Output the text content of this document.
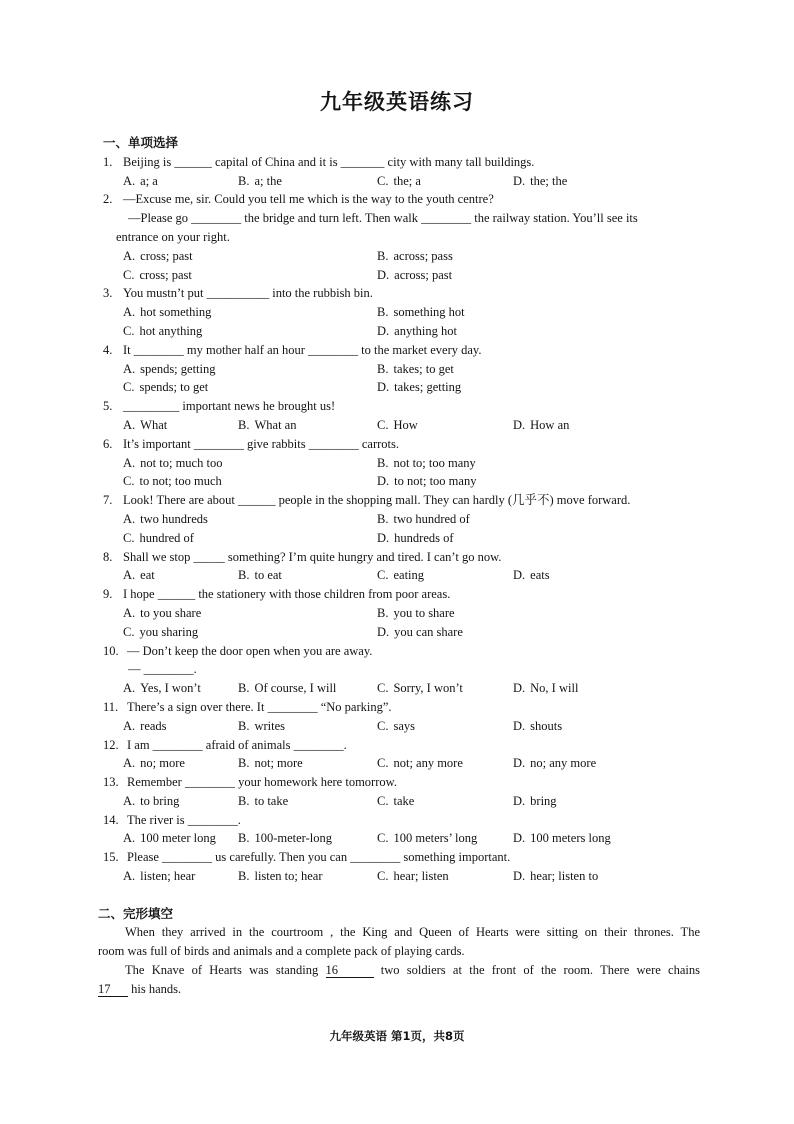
九年级英语练习
一、单项选择
1. Beijing is ______ capital of China and it is _______ city with many tall buildings.
A. a; a	B. a; the	C. the; a	D. the; the
2. —Excuse me, sir. Could you tell me which is the way to the youth centre?
—Please go ________ the bridge and turn left. Then walk ________ the railway station. You’ll see its
entrance on your right.
A. cross; past	B. across; pass
C. cross; past	D. across; past
3. You mustn’t put __________ into the rubbish bin.
A. hot something	B. something hot
C. hot anything	D. anything hot
4. It ________ my mother half an hour ________ to the market every day.
A. spends; getting	B. takes; to get
C. spends; to get	D. takes; getting
5. _________ important news he brought us!
A. What	B. What an	C. How	D. How an
6. It’s important ________ give rabbits ________ carrots.
A. not to; much too	B. not to; too many
C. to not; too much	D. to not; too many
7. Look! There are about ______ people in the shopping mall. They can hardly (几乎不) move forward.
A. two hundreds	B. two hundred of
C. hundred of	D. hundreds of
8. Shall we stop _____ something? I’m quite hungry and tired. I can’t go now.
A. eat	B. to eat	C. eating	D. eats
9. I hope ______ the stationery with those children from poor areas.
A. to you share	B. you to share
C. you sharing	D. you can share
10. — Don’t keep the door open when you are away.
— ________.
A. Yes, I won’t	B. Of course, I will	C. Sorry, I won’t	D. No, I will
11. There’s a sign over there. It ________ “No parking”.
A. reads	B. writes	C. says	D. shouts
12. I am ________ afraid of animals ________.
A. no; more	B. not; more	C. not; any more	D. no; any more
13. Remember ________ your homework here tomorrow.
A. to bring	B. to take	C. take	D. bring
14. The river is ________.
A. 100 meter long B. 100-meter-long	C. 100 meters’ long	D. 100 meters long
15. Please ________ us carefully. Then you can ________ something important.
A. listen; hear	B. listen to; hear	C. hear; listen	D. hear; listen to
二、完形填空
When they arrived in the courtroom , the King and Queen of Hearts were sitting on their thrones. The
room was full of birds and animals and a complete pack of playing cards.
The Knave of Hearts was standing 16	two soldiers at the front of the room. There were chains
17 his hands.
九年级英语 第1页，共8页
